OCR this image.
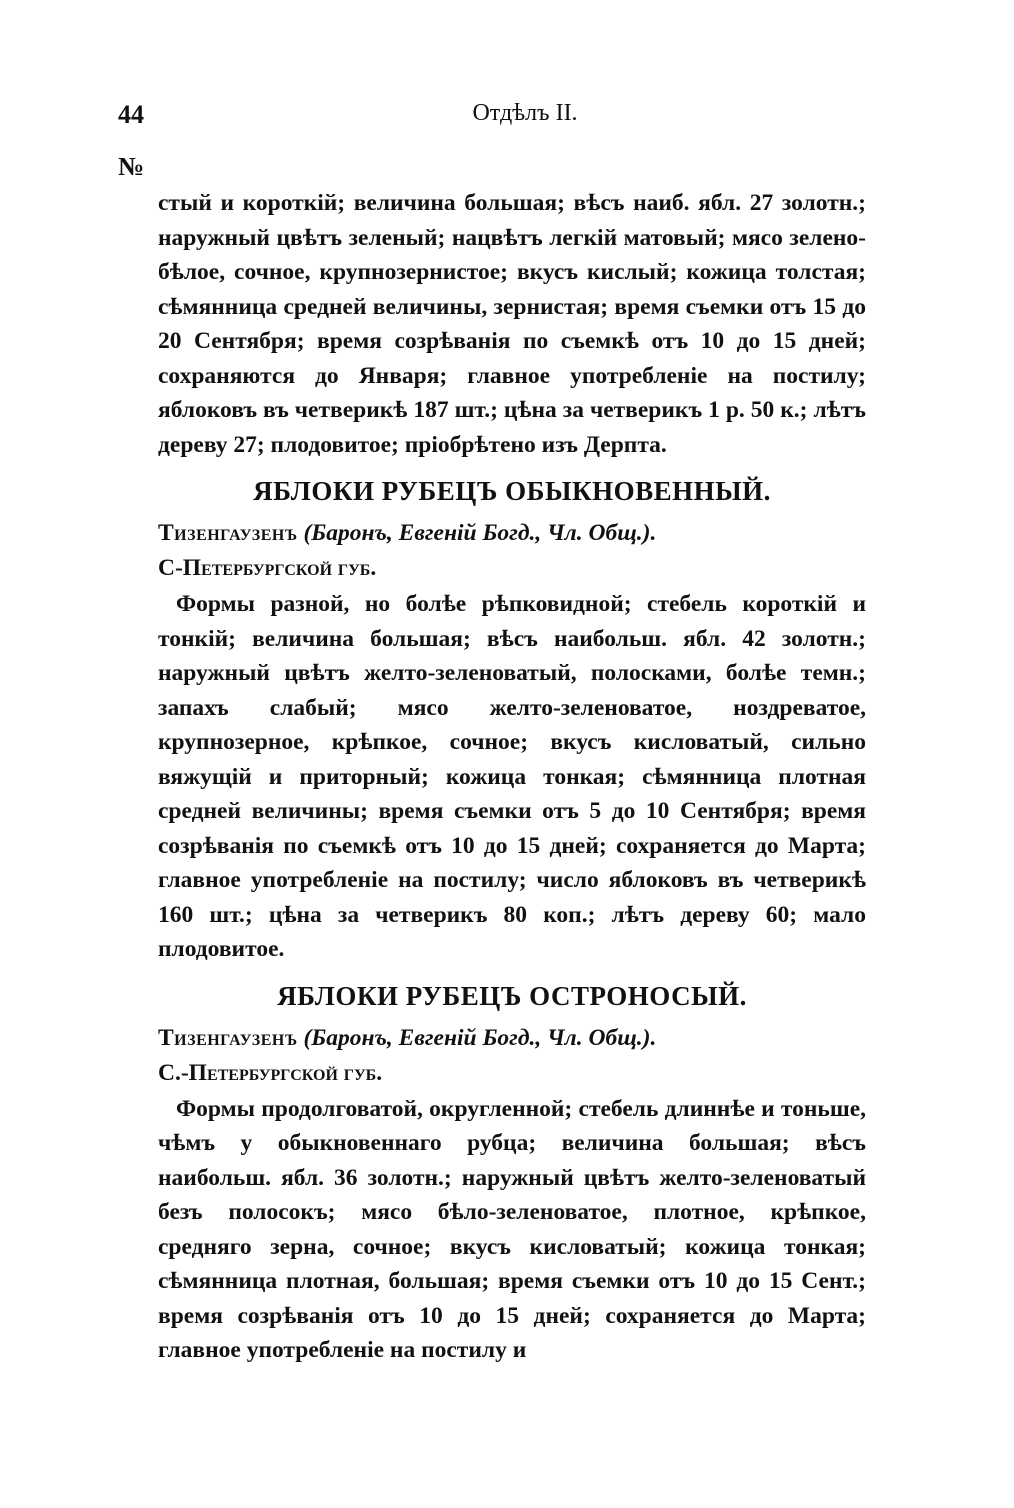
44	Отдѣлъ II.
№

стый и короткій; величина большая; вѣсъ наиб. ябл. 27 золотн.; наружный цвѣтъ зеленый; нацвѣтъ легкій матовый; мясо зелено-бѣлое, сочное, крупнозернистое; вкусъ кислый; кожица толстая; сѣмянница средней величины, зернистая; время съемки отъ 15 до 20 Сентября; время созрѣванія по съемкѣ отъ 10 до 15 дней; сохраняются до Января; главное употребленіе на постилу; яблоковъ въ четверикѣ 187 шт.; цѣна за четверикъ 1 р. 50 к.; лѣтъ дереву 27; плодовитое; пріобрѣтено изъ Дерпта.

ЯБЛОКИ РУБЕЦЪ ОБЫКНОВЕННЫЙ.

Тизенгаузенъ (Баронъ, Евгеній Богд., Чл. Общ.).

С-Петербургской губ.

Формы разной, но болѣе рѣпковидной; стебель короткій и тонкій; величина большая; вѣсъ наибольш. ябл. 42 золотн.; наружный цвѣтъ желто-зеленоватый, полосками, болѣе темн.; запахъ слабый; мясо желто-зеленоватое, ноздреватое, крупнозерное, крѣпкое, сочное; вкусъ кисловатый, сильно вяжущій и приторный; кожица тонкая; сѣмянница плотная средней величины; время съемки отъ 5 до 10 Сентября; время созрѣванія по съемкѣ отъ 10 до 15 дней; сохраняется до Марта; главное употребленіе на постилу; число яблоковъ въ четверикѣ 160 шт.; цѣна за четверикъ 80 коп.; лѣтъ дереву 60; мало плодовитое.

ЯБЛОКИ РУБЕЦЪ ОСТРОНОСЫЙ.

Тизенгаузенъ (Баронъ, Евгеній Богд., Чл. Общ.).

С.-Петербургской губ.

Формы продолговатой, округленной; стебель длиннѣе и тоньше, чѣмъ у обыкновеннаго рубца; величина большая; вѣсъ наибольш. ябл. 36 золотн.; наружный цвѣтъ желто-зеленоватый безъ полосокъ; мясо бѣло-зеленоватое, плотное, крѣпкое, средняго зерна, сочное; вкусъ кисловатый; кожица тонкая; сѣмянница плотная, большая; время съемки отъ 10 до 15 Сент.; время созрѣванія отъ 10 до 15 дней; сохраняется до Марта; главное употребленіе на постилу и
